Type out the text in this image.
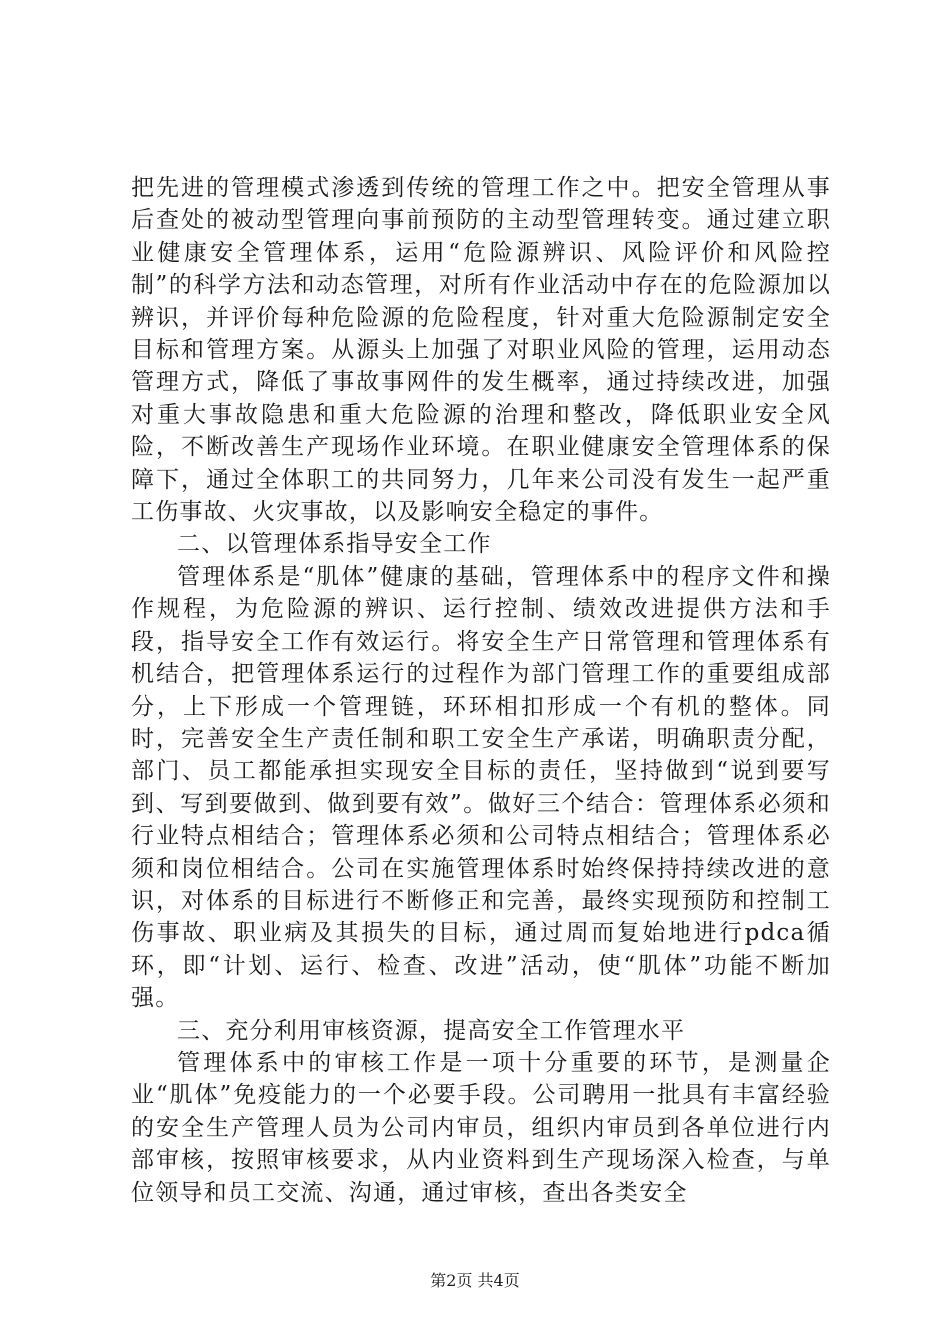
把先进的管理模式渗透到传统的管理工作之中。把安全管理从事后查处的被动型管理向事前预防的主动型管理转变。通过建立职业健康安全管理体系，运用“危险源辨识、风险评价和风险控制”的科学方法和动态管理，对所有作业活动中存在的危险源加以辨识，并评价每种危险源的危险程度，针对重大危险源制定安全目标和管理方案。从源头上加强了对职业风险的管理，运用动态管理方式，降低了事故事网件的发生概率，通过持续改进，加强对重大事故隐患和重大危险源的治理和整改，降低职业安全风险，不断改善生产现场作业环境。在职业健康安全管理体系的保障下，通过全体职工的共同努力，几年来公司没有发生一起严重工伤事故、火灾事故，以及影响安全稳定的事件。

二、以管理体系指导安全工作

管理体系是“肌体”健康的基础，管理体系中的程序文件和操作规程，为危险源的辨识、运行控制、绩效改进提供方法和手段，指导安全工作有效运行。将安全生产日常管理和管理体系有机结合，把管理体系运行的过程作为部门管理工作的重要组成部分，上下形成一个管理链，环环相扣形成一个有机的整体。同时，完善安全生产责任制和职工安全生产承诺，明确职责分配，部门、员工都能承担实现安全目标的责任，坚持做到“说到要写到、写到要做到、做到要有效”。做好三个结合：管理体系必须和行业特点相结合；管理体系必须和公司特点相结合；管理体系必须和岗位相结合。公司在实施管理体系时始终保持持续改进的意识，对体系的目标进行不断修正和完善，最终实现预防和控制工伤事故、职业病及其损失的目标，通过周而复始地进行pdca循环，即“计划、运行、检查、改进”活动，使“肌体”功能不断加强。

三、充分利用审核资源，提高安全工作管理水平

管理体系中的审核工作是一项十分重要的环节，是测量企业“肌体”免疫能力的一个必要手段。公司聘用一批具有丰富经验的安全生产管理人员为公司内审员，组织内审员到各单位进行内部审核，按照审核要求，从内业资料到生产现场深入检查，与单位领导和员工交流、沟通，通过审核，查出各类安全

第2页 共4页
